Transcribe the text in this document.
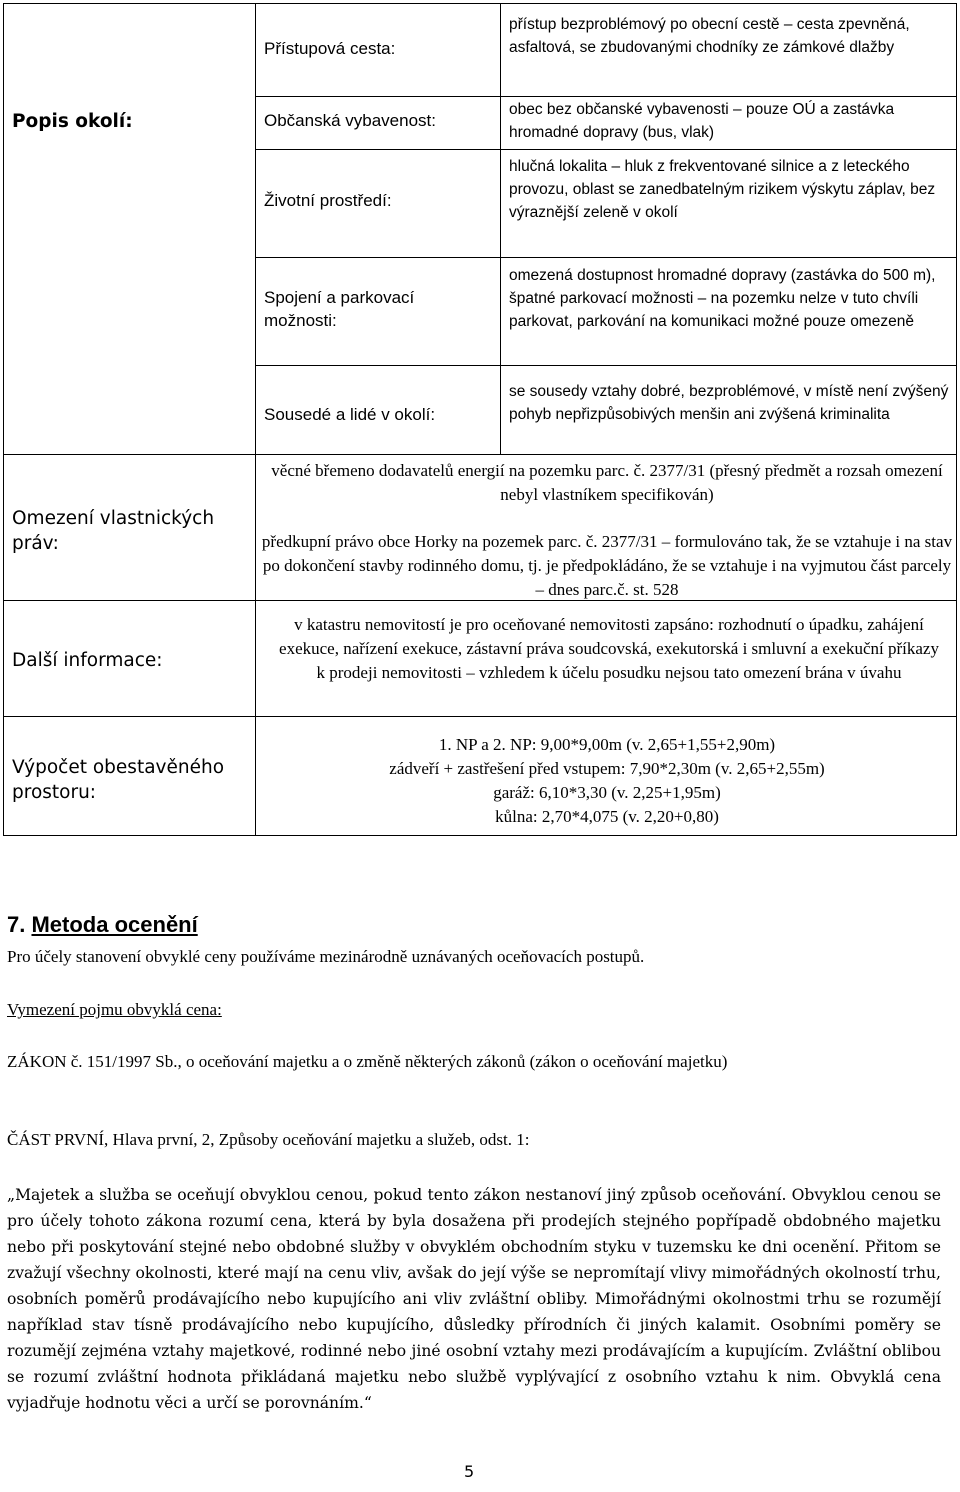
Popis okolí:
Omezení vlastnických práv:
Další informace:
Výpočet obestavěného prostoru:
Přístupová cesta:
Občanská vybavenost:
Životní prostředí:
Spojení a parkovací možnosti:
Sousedé a lidé v okolí:
přístup bezproblémový po obecní cestě – cesta zpevněná, asfaltová, se zbudovanými chodníky ze zámkové dlažby
obec bez občanské vybavenosti – pouze OÚ a zastávka hromadné dopravy (bus, vlak)
hlučná lokalita – hluk z frekventované silnice a z leteckého provozu, oblast se zanedbatelným rizikem výskytu záplav, bez výraznější zeleně v okolí
omezená dostupnost hromadné dopravy (zastávka do 500 m), špatné parkovací možnosti – na pozemku nelze v tuto chvíli parkovat, parkování na komunikaci možné pouze omezeně
se sousedy vztahy dobré, bezproblémové, v místě není zvýšený pohyb nepřizpůsobivých menšin ani zvýšená kriminalita
věcné břemeno dodavatelů energií na pozemku parc. č. 2377/31 (přesný předmět a rozsah omezení nebyl vlastníkem specifikován)
předkupní právo obce Horky na pozemek parc. č. 2377/31 – formulováno tak, že se vztahuje i na stav po dokončení stavby rodinného domu, tj. je předpokládáno, že se vztahuje i na vyjmutou část parcely – dnes parc.č. st. 528
v katastru nemovitostí je pro oceňované nemovitosti zapsáno: rozhodnutí o úpadku, zahájení exekuce, nařízení exekuce, zástavní práva soudcovská, exekutorská i smluvní a exekuční příkazy k prodeji nemovitosti – vzhledem k účelu posudku nejsou tato omezení brána v úvahu
1. NP a 2. NP: 9,00*9,00m (v. 2,65+1,55+2,90m)
zádveří + zastřešení před vstupem: 7,90*2,30m (v. 2,65+2,55m)
garáž: 6,10*3,30 (v. 2,25+1,95m)
kůlna: 2,70*4,075 (v. 2,20+0,80)
7. Metoda ocenění
Pro účely stanovení obvyklé ceny používáme mezinárodně uznávaných oceňovacích postupů.
Vymezení pojmu obvyklá cena:
ZÁKON č. 151/1997 Sb., o oceňování majetku a o změně některých zákonů (zákon o oceňování majetku)
ČÁST PRVNÍ, Hlava první, 2, Způsoby oceňování majetku a služeb, odst. 1:
„Majetek a služba se oceňují obvyklou cenou, pokud tento zákon nestanoví jiný způsob oceňování. Obvyklou cenou se pro účely tohoto zákona rozumí cena, která by byla dosažena při prodejích stejného popřípadě obdobného majetku nebo při poskytování stejné nebo obdobné služby v obvyklém obchodním styku v tuzemsku ke dni ocenění. Přitom se zvažují všechny okolnosti, které mají na cenu vliv, avšak do její výše se nepromítají vlivy mimořádných okolností trhu, osobních poměrů prodávajícího nebo kupujícího ani vliv zvláštní obliby. Mimořádnými okolnostmi trhu se rozumějí například stav tísně prodávajícího nebo kupujícího, důsledky přírodních či jiných kalamit. Osobními poměry se rozumějí zejména vztahy majetkové, rodinné nebo jiné osobní vztahy mezi prodávajícím a kupujícím. Zvláštní oblibou se rozumí zvláštní hodnota přikládaná majetku nebo službě vyplývající z osobního vztahu k nim. Obvyklá cena vyjadřuje hodnotu věci a určí se porovnáním.“
5
